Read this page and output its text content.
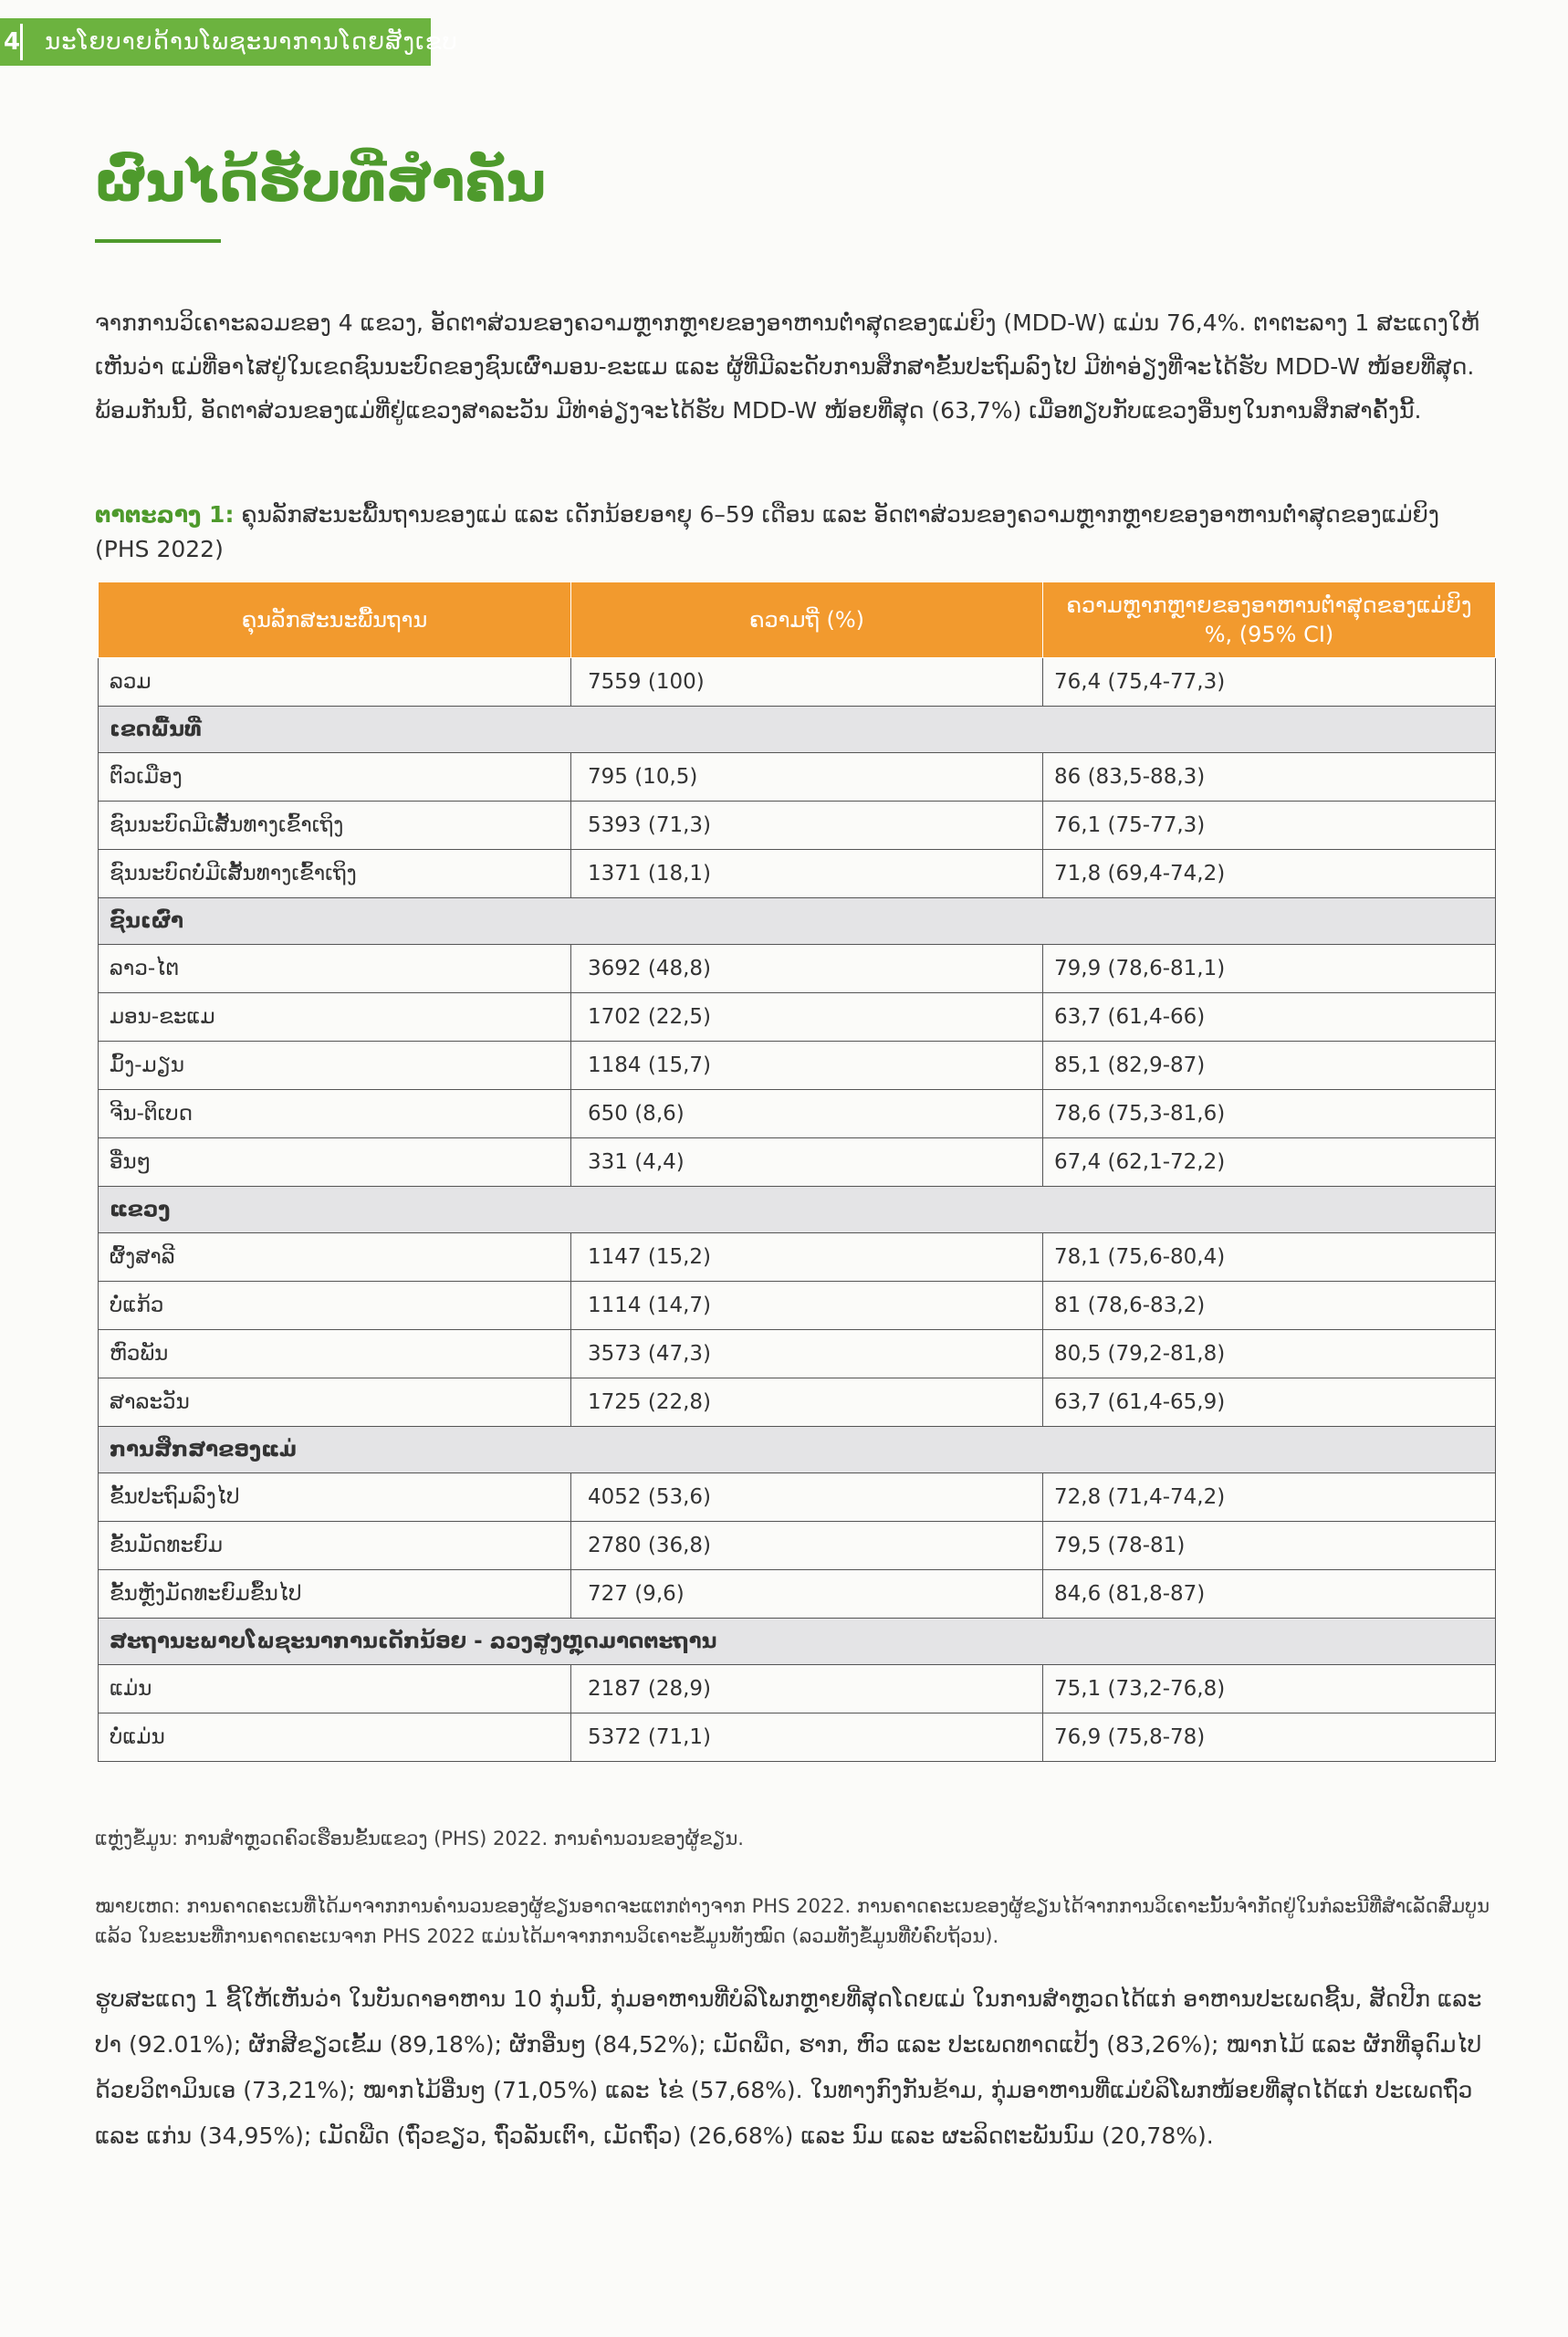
4 ນະໂຍບາຍດ້ານໂພຊະນາການໂດຍສັງເຂບ
ຜົນໄດ້ຮັບທີ່ສຳຄັນ

ຈາກການວິເຄາະລວມຂອງ 4 ແຂວງ, ອັດຕາສ່ວນຂອງຄວາມຫຼາກຫຼາຍຂອງອາຫານຕ່ຳສຸດຂອງແມ່ຍິງ (MDD-W) ແມ່ນ 76,4%. ຕາຕະລາງ 1 ສະແດງໃຫ້ເຫັນວ່າ ແມ່ທີ່ອາໄສຢູ່ໃນເຂດຊົນນະບົດຂອງຊົນເຜົ່າມອນ-ຂະແມ ແລະ ຜູ້ທີ່ມີລະດັບການສຶກສາຂັ້ນປະຖົມລົງໄປ ມີທ່າອ່ຽງທີ່ຈະໄດ້ຮັບ MDD-W ໜ້ອຍທີ່ສຸດ. ພ້ອມກັນນີ້, ອັດຕາສ່ວນຂອງແມ່ທີ່ຢູ່ແຂວງສາລະວັນ ມີທ່າອ່ຽງຈະໄດ້ຮັບ MDD-W ໜ້ອຍທີ່ສຸດ (63,7%) ເມື່ອທຽບກັບແຂວງອື່ນໆໃນການສຶກສາຄັ້ງນີ້.

ຕາຕະລາງ 1: ຄຸນລັກສະນະພື້ນຖານຂອງແມ່ ແລະ ເດັກນ້ອຍອາຍຸ 6–59 ເດືອນ ແລະ ອັດຕາສ່ວນຂອງຄວາມຫຼາກຫຼາຍຂອງອາຫານຕ່ຳສຸດຂອງແມ່ຍິງ (PHS 2022)

ຄຸນລັກສະນະພື້ນຖານ	ຄວາມຖີ່ (%)	ຄວາມຫຼາກຫຼາຍຂອງອາຫານຕ່ຳສຸດຂອງແມ່ຍິງ %, (95% CI)
ລວມ	7559 (100)	76,4 (75,4-77,3)
ເຂດພື້ນທີ່		
ຕົວເມືອງ	795 (10,5)	86 (83,5-88,3)
ຊົນນະບົດມີເສັ້ນທາງເຂົ້າເຖິງ	5393 (71,3)	76,1 (75-77,3)
ຊົນນະບົດບໍ່ມີເສັ້ນທາງເຂົ້າເຖິງ	1371 (18,1)	71,8 (69,4-74,2)
ຊົນເຜົ່າ		
ລາວ-ໄຕ	3692 (48,8)	79,9 (78,6-81,1)
ມອນ-ຂະແມ	1702 (22,5)	63,7 (61,4-66)
ມົ້ງ-ມຽນ	1184 (15,7)	85,1 (82,9-87)
ຈີນ-ຕິເບດ	650 (8,6)	78,6 (75,3-81,6)
ອື່ນໆ	331 (4,4)	67,4 (62,1-72,2)
ແຂວງ		
ຜົ້ງສາລີ	1147 (15,2)	78,1 (75,6-80,4)
ບໍ່ແກ້ວ	1114 (14,7)	81 (78,6-83,2)
ຫົວພັນ	3573 (47,3)	80,5 (79,2-81,8)
ສາລະວັນ	1725 (22,8)	63,7 (61,4-65,9)
ການສຶກສາຂອງແມ່		
ຂັ້ນປະຖົມລົງໄປ	4052 (53,6)	72,8 (71,4-74,2)
ຂັ້ນມັດທະຍົມ	2780 (36,8)	79,5 (78-81)
ຂັ້ນຫຼັງມັດທະຍົມຂຶ້ນໄປ	727 (9,6)	84,6 (81,8-87)
ສະຖານະພາບໂພຊະນາການເດັກນ້ອຍ - ລວງສູງຫຼຸດມາດຕະຖານ		
ແມ່ນ	2187 (28,9)	75,1 (73,2-76,8)
ບໍ່ແມ່ນ	5372 (71,1)	76,9 (75,8-78)

ແຫຼ່ງຂໍ້ມູນ: ການສຳຫຼວດຄົວເຮືອນຂັ້ນແຂວງ (PHS) 2022. ການຄຳນວນຂອງຜູ້ຂຽນ.

ໝາຍເຫດ: ການຄາດຄະເນທີ່ໄດ້ມາຈາກການຄຳນວນຂອງຜູ້ຂຽນອາດຈະແຕກຕ່າງຈາກ PHS 2022. ການຄາດຄະເນຂອງຜູ້ຂຽນໄດ້ຈາກການວິເຄາະນັ້ນຈຳກັດຢູ່ໃນກໍລະນີທີ່ສຳເລັດສົມບູນແລ້ວ ໃນຂະນະທີ່ການຄາດຄະເນຈາກ PHS 2022 ແມ່ນໄດ້ມາຈາກການວິເຄາະຂໍ້ມູນທັງໝົດ (ລວມທັງຂໍ້ມູນທີ່ບໍ່ຄົບຖ້ວນ).

ຮູບສະແດງ 1 ຊີ້ໃຫ້ເຫັນວ່າ ໃນບັນດາອາຫານ 10 ກຸ່ມນີ້, ກຸ່ມອາຫານທີ່ບໍລິໂພກຫຼາຍທີ່ສຸດໂດຍແມ່ ໃນການສຳຫຼວດໄດ້ແກ່ ອາຫານປະເພດຊີ້ນ, ສັດປີກ ແລະ ປາ (92.01%); ຜັກສີຂຽວເຂັ້ມ (89,18%); ຜັກອື່ນໆ (84,52%); ເມັດພືດ, ຮາກ, ຫົວ ແລະ ປະເພດທາດແປ້ງ (83,26%); ໝາກໄມ້ ແລະ ຜັກທີ່ອຸດົມໄປດ້ວຍວິຕາມິນເອ (73,21%); ໝາກໄມ້ອື່ນໆ (71,05%) ແລະ ໄຂ່ (57,68%). ໃນທາງກົງກັນຂ້າມ, ກຸ່ມອາຫານທີ່ແມ່ບໍລິໂພກໜ້ອຍທີ່ສຸດໄດ້ແກ່ ປະເພດຖົ່ວ ແລະ ແກ່ນ (34,95%); ເມັດພືດ (ຖົ່ວຂຽວ, ຖົ່ວລັນເຕົາ, ເມັດຖົ່ວ) (26,68%) ແລະ ນົມ ແລະ ຜະລິດຕະພັນນົມ (20,78%).
